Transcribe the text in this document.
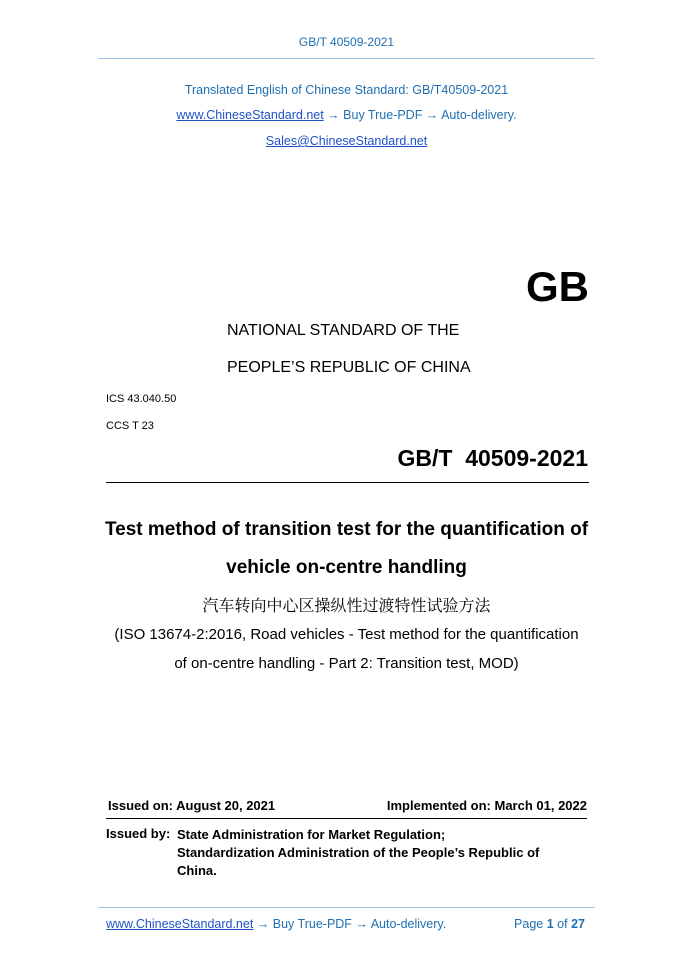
GB/T 40509-2021
Translated English of Chinese Standard: GB/T40509-2021
www.ChineseStandard.net → Buy True-PDF → Auto-delivery.
Sales@ChineseStandard.net
GB
NATIONAL STANDARD OF THE
PEOPLE’S REPUBLIC OF CHINA
ICS 43.040.50
CCS T 23
GB/T  40509-2021
Test method of transition test for the quantification of
vehicle on-centre handling
汽车转向中心区操纵性过渡特性试验方法
(ISO 13674-2:2016, Road vehicles - Test method for the quantification
of on-centre handling - Part 2: Transition test, MOD)
Issued on: August 20, 2021	Implemented on: March 01, 2022
Issued by: State Administration for Market Regulation;
Standardization Administration of the People’s Republic of
China.
www.ChineseStandard.net → Buy True-PDF → Auto-delivery.	Page 1 of 27
